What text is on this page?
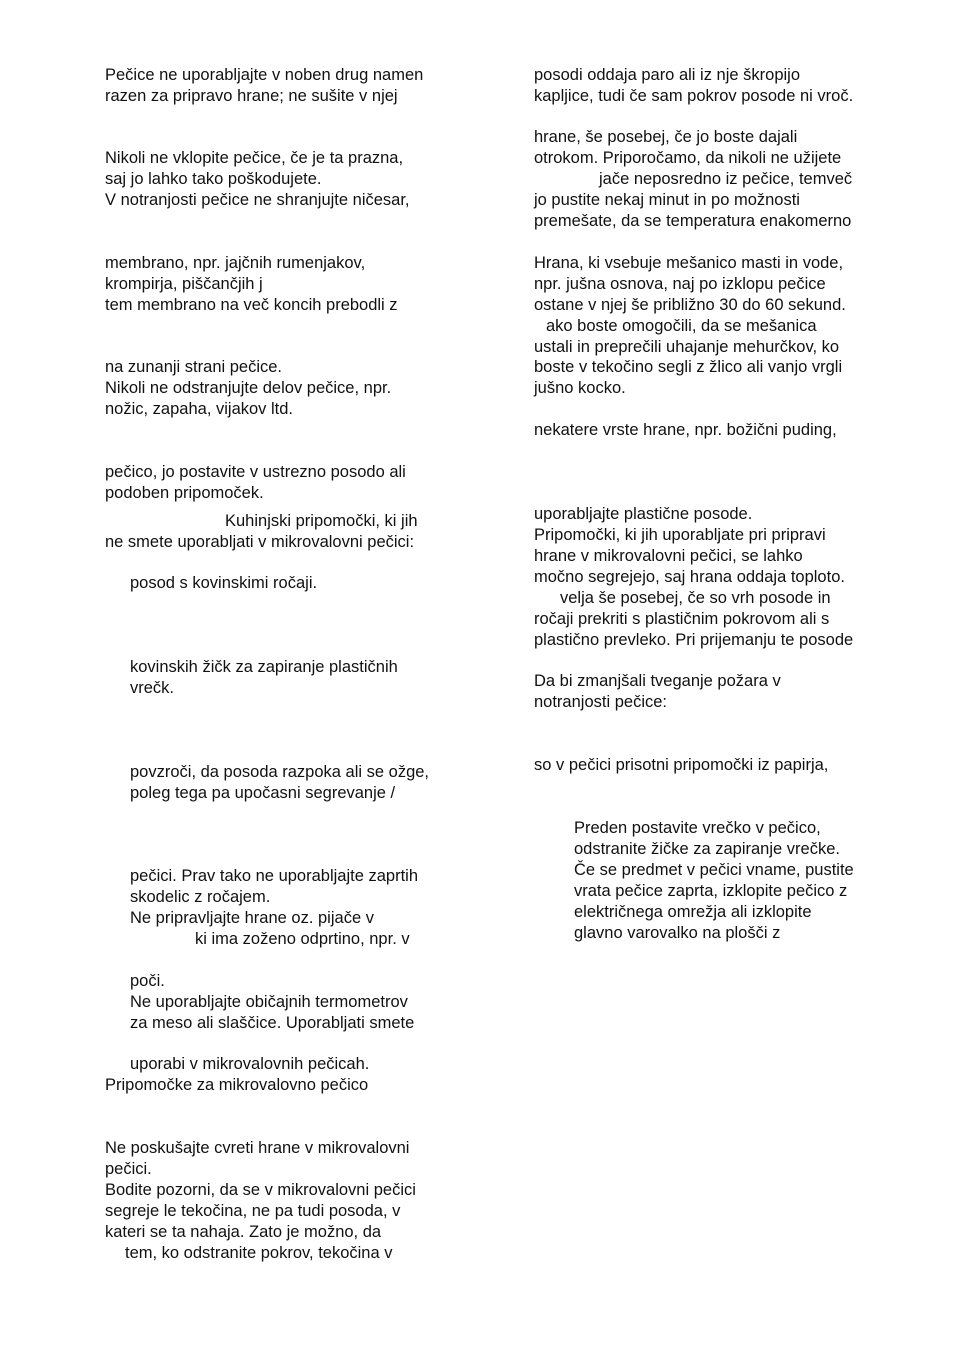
Pečice ne uporabljajte v noben drug namen
razen za pripravo hrane; ne sušite v njej
Nikoli ne vklopite pečice, če je ta prazna,
saj jo lahko tako poškodujete.
V notranjosti pečice ne shranjujte ničesar,
membrano, npr. jajčnih rumenjakov,
krompirja, piščančjih j
tem membrano na več koncih prebodli z
na zunanji strani pečice.
Nikoli ne odstranjujte delov pečice, npr.
nožic, zapaha, vijakov ltd.
pečico, jo postavite v ustrezno posodo ali
podoben pripomoček.
Kuhinjski pripomočki, ki jih
ne smete uporabljati v mikrovalovni pečici:
posod s kovinskimi ročaji.
kovinskih žičk za zapiranje plastičnih
vrečk.
povzroči, da posoda razpoka ali se ožge,
poleg tega pa upočasni segrevanje /
pečici. Prav tako ne uporabljajte zaprtih
skodelic z ročajem.
Ne pripravljajte hrane oz. pijače v
ki ima zoženo odprtino, npr. v
poči.
Ne uporabljajte običajnih termometrov
za meso ali slaščice. Uporabljati smete
uporabi v mikrovalovnih pečicah.
Pripomočke za mikrovalovno pečico
Ne poskušajte cvreti hrane v mikrovalovni
pečici.
Bodite pozorni, da se v mikrovalovni pečici
segreje le tekočina, ne pa tudi posoda, v
kateri se ta nahaja. Zato je možno, da
tem, ko odstranite pokrov, tekočina v
posodi oddaja paro ali iz nje škropijo
kapljice, tudi če sam pokrov posode ni vroč.
hrane, še posebej, če jo boste dajali
otrokom. Priporočamo, da nikoli ne užijete
jače neposredno iz pečice, temveč
jo pustite nekaj minut in po možnosti
premešate, da se temperatura enakomerno
Hrana, ki vsebuje mešanico masti in vode,
npr. jušna osnova, naj po izklopu pečice
ostane v njej še približno 30 do 60 sekund.
ako boste omogočili, da se mešanica
ustali in preprečili uhajanje mehurčkov, ko
boste v tekočino segli z žlico ali vanjo vrgli
jušno kocko.
nekatere vrste hrane, npr. božični puding,
uporabljajte plastične posode.
Pripomočki, ki jih uporabljate pri pripravi
hrane v mikrovalovni pečici, se lahko
močno segrejejo, saj hrana oddaja toploto.
velja še posebej, če so vrh posode in
ročaji prekriti s plastičnim pokrovom ali s
plastično prevleko. Pri prijemanju te posode
Da bi zmanjšali tveganje požara v
notranjosti pečice:
so v pečici prisotni pripomočki iz papirja,
Preden postavite vrečko v pečico,
odstranite žičke za zapiranje vrečke.
Če se predmet v pečici vname, pustite
vrata pečice zaprta, izklopite pečico z
električnega omrežja ali izklopite
glavno varovalko na plošči z
